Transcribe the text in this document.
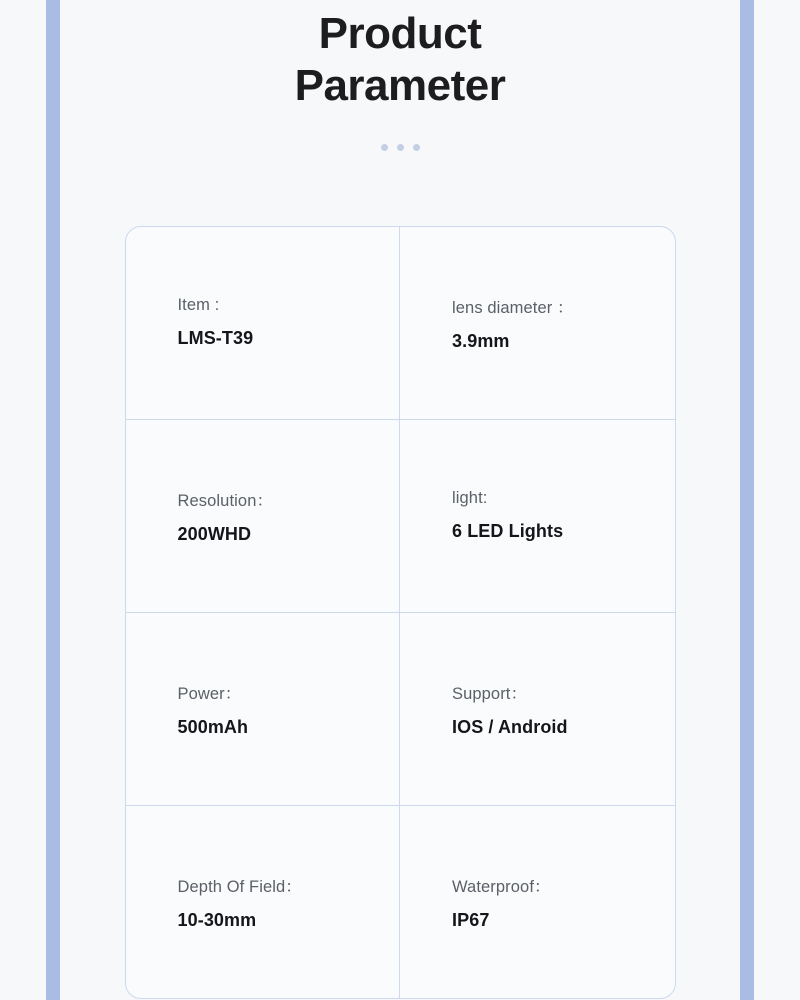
Product
Parameter
Item :
LMS-T39
lens diameter ：
3.9mm
Resolution：
200WHD
light:
6 LED Lights
Power：
500mAh
Support：
IOS / Android
Depth Of Field：
10-30mm
Waterproof：
IP67
